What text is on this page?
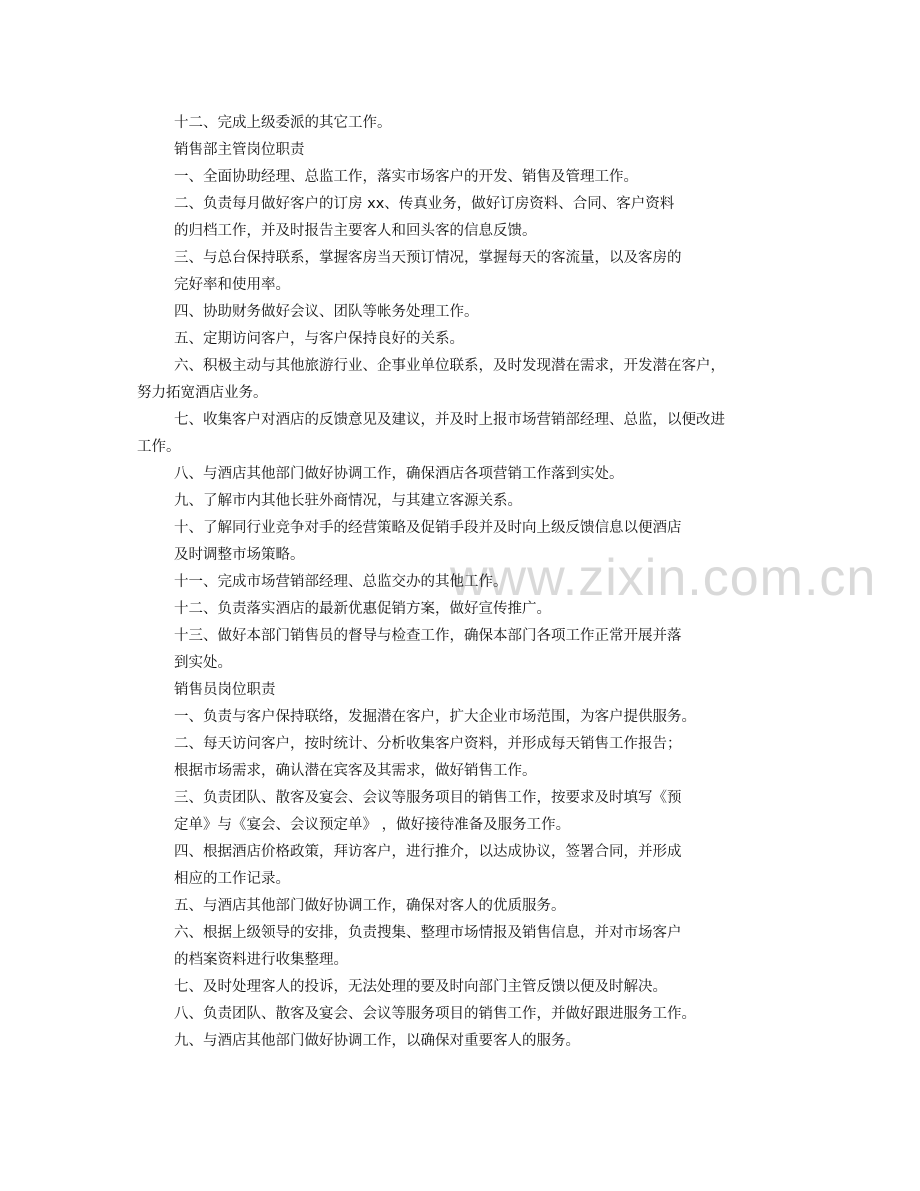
www.zixin.com.cn
十二、完成上级委派的其它工作。
销售部主管岗位职责
一、全面协助经理、总监工作，落实市场客户的开发、销售及管理工作。
二、负责每月做好客户的订房 xx、传真业务，做好订房资料、合同、客户资料
的归档工作，并及时报告主要客人和回头客的信息反馈。
三、与总台保持联系，掌握客房当天预订情况，掌握每天的客流量，以及客房的
完好率和使用率。
四、协助财务做好会议、团队等帐务处理工作。
五、定期访问客户，与客户保持良好的关系。
六、积极主动与其他旅游行业、企事业单位联系，及时发现潜在需求，开发潜在客户，
努力拓宽酒店业务。
七、收集客户对酒店的反馈意见及建议，并及时上报市场营销部经理、总监，以便改进
工作。
八、与酒店其他部门做好协调工作，确保酒店各项营销工作落到实处。
九、了解市内其他长驻外商情况，与其建立客源关系。
十、了解同行业竞争对手的经营策略及促销手段并及时向上级反馈信息以便酒店
及时调整市场策略。
十一、完成市场营销部经理、总监交办的其他工作。
十二、负责落实酒店的最新优惠促销方案，做好宣传推广。
十三、做好本部门销售员的督导与检查工作，确保本部门各项工作正常开展并落
到实处。
销售员岗位职责
一、负责与客户保持联络，发掘潜在客户，扩大企业市场范围，为客户提供服务。
二、每天访问客户，按时统计、分析收集客户资料，并形成每天销售工作报告；
根据市场需求，确认潜在宾客及其需求，做好销售工作。
三、负责团队、散客及宴会、会议等服务项目的销售工作，按要求及时填写《预
定单》与《宴会、会议预定单》 ，做好接待准备及服务工作。
四、根据酒店价格政策，拜访客户，进行推介，以达成协议，签署合同，并形成
相应的工作记录。
五、与酒店其他部门做好协调工作，确保对客人的优质服务。
六、根据上级领导的安排，负责搜集、整理市场情报及销售信息，并对市场客户
的档案资料进行收集整理。
七、及时处理客人的投诉，无法处理的要及时向部门主管反馈以便及时解决。
八、负责团队、散客及宴会、会议等服务项目的销售工作，并做好跟进服务工作。
九、与酒店其他部门做好协调工作，以确保对重要客人的服务。
